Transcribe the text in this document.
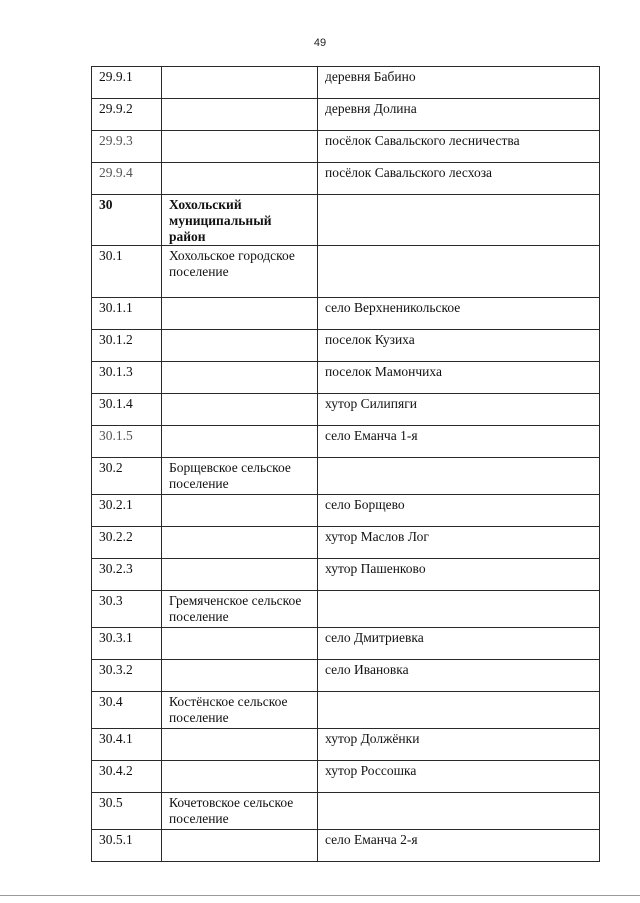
49
29.9.1		деревня Бабино
29.9.2		деревня Долина
29.9.3		посёлок Савальского лесничества
29.9.4		посёлок Савальского лесхоза
30	Хохольский муниципальный район	
30.1	Хохольское городское поселение	
30.1.1		село Верхненикольское
30.1.2		поселок Кузиха
30.1.3		поселок Мамончиха
30.1.4		хутор Силипяги
30.1.5		село Еманча 1-я
30.2	Борщевское сельское поселение	
30.2.1		село Борщево
30.2.2		хутор Маслов Лог
30.2.3		хутор Пашенково
30.3	Гремяченское сельское поселение	
30.3.1		село Дмитриевка
30.3.2		село Ивановка
30.4	Костёнское сельское поселение	
30.4.1		хутор Должёнки
30.4.2		хутор Россошка
30.5	Кочетовское сельское поселение	
30.5.1		село Еманча 2-я
